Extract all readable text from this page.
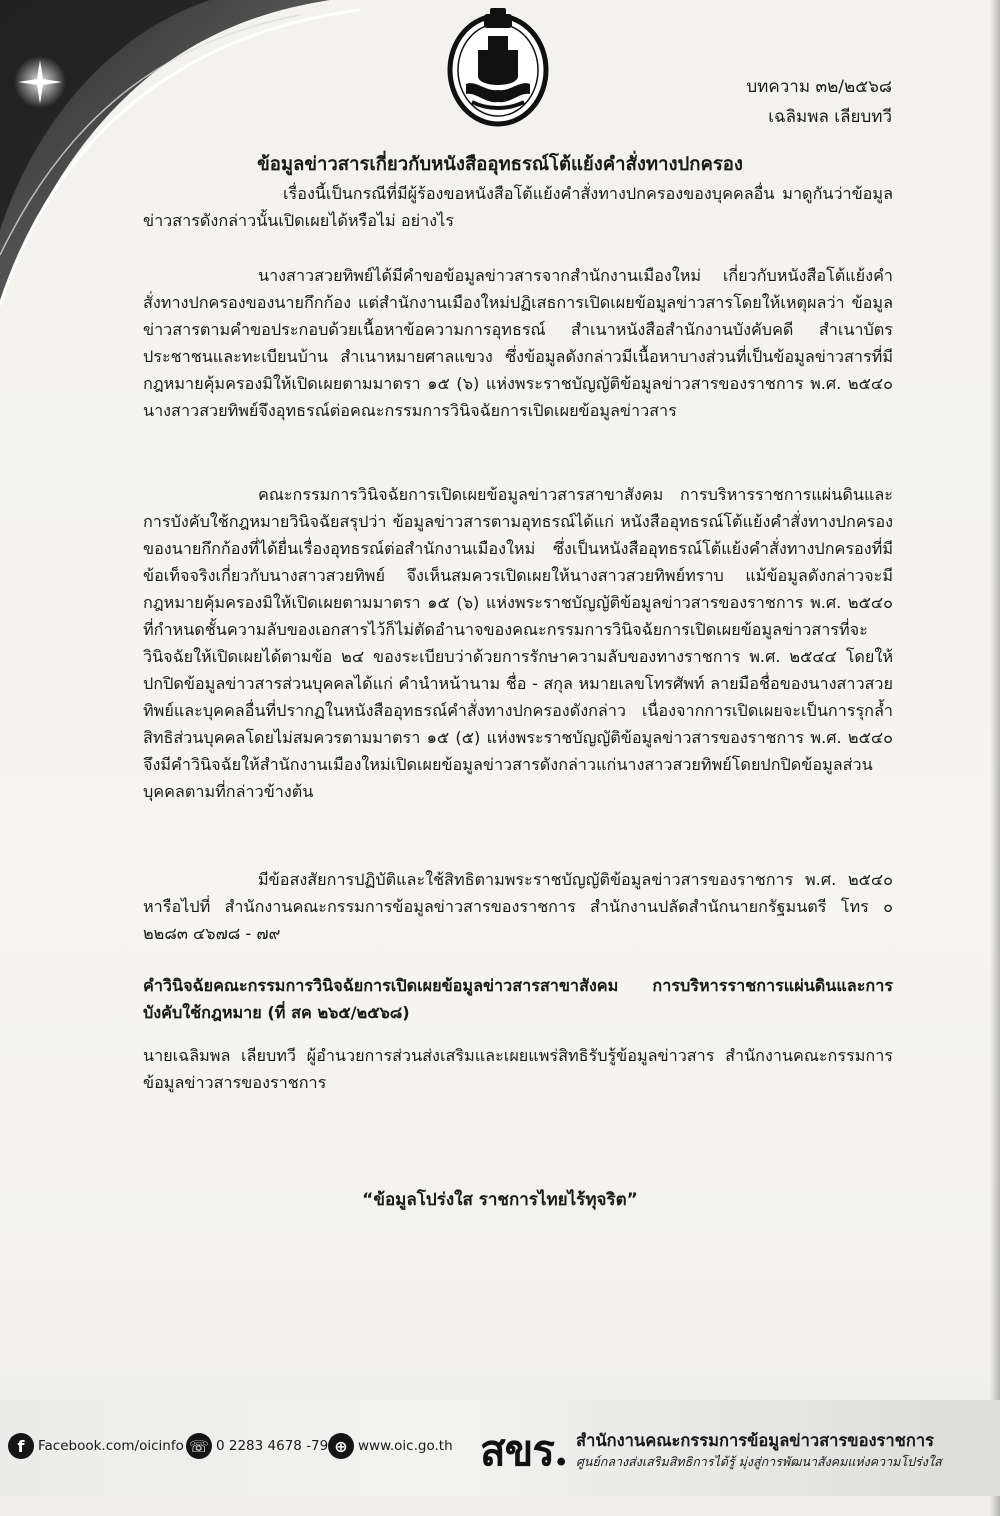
บทความ ๓๒/๒๕๖๘
เฉลิมพล เลียบทวี
ข้อมูลข่าวสารเกี่ยวกับหนังสืออุทธรณ์โต้แย้งคำสั่งทางปกครอง
เรื่องนี้เป็นกรณีที่มีผู้ร้องขอหนังสือโต้แย้งคำสั่งทางปกครองของบุคคลอื่น มาดูกันว่าข้อมูลข่าวสารดังกล่าวนั้นเปิดเผยได้หรือไม่ อย่างไร
นางสาวสวยทิพย์ได้มีคำขอข้อมูลข่าวสารจากสำนักงานเมืองใหม่ เกี่ยวกับหนังสือโต้แย้งคำสั่งทางปกครองของนายกึกก้อง แต่สำนักงานเมืองใหม่ปฏิเสธการเปิดเผยข้อมูลข่าวสารโดยให้เหตุผลว่า ข้อมูลข่าวสารตามคำขอประกอบด้วยเนื้อหาข้อความการอุทธรณ์ สำเนาหนังสือสำนักงานบังคับคดี สำเนาบัตรประชาชนและทะเบียนบ้าน สำเนาหมายศาลแขวง ซึ่งข้อมูลดังกล่าวมีเนื้อหาบางส่วนที่เป็นข้อมูลข่าวสารที่มีกฎหมายคุ้มครองมิให้เปิดเผยตามมาตรา ๑๕ (๖) แห่งพระราชบัญญัติข้อมูลข่าวสารของราชการ พ.ศ. ๒๕๔๐ นางสาวสวยทิพย์จึงอุทธรณ์ต่อคณะกรรมการวินิจฉัยการเปิดเผยข้อมูลข่าวสาร
คณะกรรมการวินิจฉัยการเปิดเผยข้อมูลข่าวสารสาขาสังคม การบริหารราชการแผ่นดินและการบังคับใช้กฎหมายวินิจฉัยสรุปว่า ข้อมูลข่าวสารตามอุทธรณ์ได้แก่ หนังสืออุทธรณ์โต้แย้งคำสั่งทางปกครองของนายกึกก้องที่ได้ยื่นเรื่องอุทธรณ์ต่อสำนักงานเมืองใหม่ ซึ่งเป็นหนังสืออุทธรณ์โต้แย้งคำสั่งทางปกครองที่มีข้อเท็จจริงเกี่ยวกับนางสาวสวยทิพย์ จึงเห็นสมควรเปิดเผยให้นางสาวสวยทิพย์ทราบ แม้ข้อมูลดังกล่าวจะมีกฎหมายคุ้มครองมิให้เปิดเผยตามมาตรา ๑๕ (๖) แห่งพระราชบัญญัติข้อมูลข่าวสารของราชการ พ.ศ. ๒๕๔๐ ที่กำหนดชั้นความลับของเอกสารไว้ก็ไม่ตัดอำนาจของคณะกรรมการวินิจฉัยการเปิดเผยข้อมูลข่าวสารที่จะวินิจฉัยให้เปิดเผยได้ตามข้อ ๒๔ ของระเบียบว่าด้วยการรักษาความลับของทางราชการ พ.ศ. ๒๕๔๔ โดยให้ปกปิดข้อมูลข่าวสารส่วนบุคคลได้แก่ คำนำหน้านาม ชื่อ - สกุล หมายเลขโทรศัพท์ ลายมือชื่อของนางสาวสวยทิพย์และบุคคลอื่นที่ปรากฏในหนังสืออุทธรณ์คำสั่งทางปกครองดังกล่าว เนื่องจากการเปิดเผยจะเป็นการรุกล้ำสิทธิส่วนบุคคลโดยไม่สมควรตามมาตรา ๑๕ (๕) แห่งพระราชบัญญัติข้อมูลข่าวสารของราชการ พ.ศ. ๒๕๔๐ จึงมีคำวินิจฉัยให้สำนักงานเมืองใหม่เปิดเผยข้อมูลข่าวสารดังกล่าวแก่นางสาวสวยทิพย์โดยปกปิดข้อมูลส่วนบุคคลตามที่กล่าวข้างต้น
มีข้อสงสัยการปฏิบัติและใช้สิทธิตามพระราชบัญญัติข้อมูลข่าวสารของราชการ พ.ศ. ๒๕๔๐ หารือไปที่ สำนักงานคณะกรรมการข้อมูลข่าวสารของราชการ สำนักงานปลัดสำนักนายกรัฐมนตรี โทร ๐ ๒๒๘๓ ๔๖๗๘ - ๗๙
คำวินิจฉัยคณะกรรมการวินิจฉัยการเปิดเผยข้อมูลข่าวสารสาขาสังคม การบริหารราชการแผ่นดินและการบังคับใช้กฎหมาย (ที่ สค ๒๖๕/๒๕๖๘)
นายเฉลิมพล เลียบทวี ผู้อำนวยการส่วนส่งเสริมและเผยแพร่สิทธิรับรู้ข้อมูลข่าวสาร สำนักงานคณะกรรมการข้อมูลข่าวสารของราชการ
“ข้อมูลโปร่งใส ราชการไทยไร้ทุจริต”
f	Facebook.com/oicinfo ☏ 0 2283 4678 -79 ⊕ www.oic.go.th สขร. สำนักงานคณะกรรมการข้อมูลข่าวสารของราชการ
ศูนย์กลางส่งเสริมสิทธิการได้รู้ มุ่งสู่การพัฒนาสังคมแห่งความโปร่งใส
